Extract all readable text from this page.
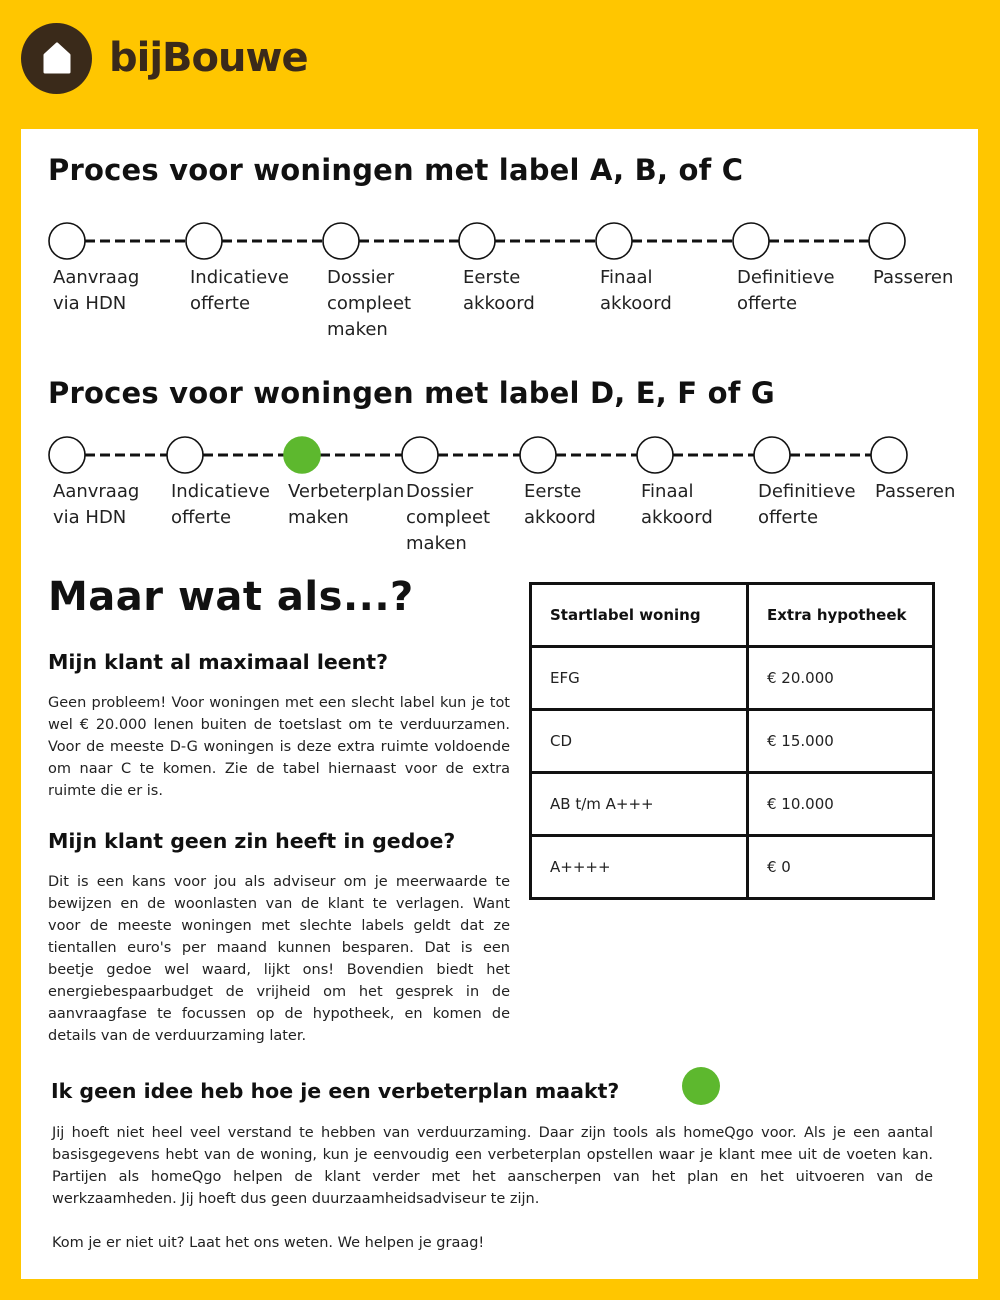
bijBouwe
Proces voor woningen met label A, B, of C
Aanvraag
via HDN
Indicatieve
offerte
Dossier
compleet
maken
Eerste
akkoord
Finaal
akkoord
Definitieve
offerte
Passeren
Proces voor woningen met label D, E, F of G
Aanvraag
via HDN
Indicatieve
offerte
Verbeterplan
maken
Dossier
compleet
maken
Eerste
akkoord
Finaal
akkoord
Definitieve
offerte
Passeren
Maar wat als...?
Mijn klant al maximaal leent?

Geen probleem! Voor woningen met een slecht label kun je tot wel € 20.000 lenen buiten de toetslast om te verduurzamen. Voor de meeste D-G woningen is deze extra ruimte voldoende om naar C te komen. Zie de tabel hiernaast voor de extra ruimte die er is.

Mijn klant geen zin heeft in gedoe?

Dit is een kans voor jou als adviseur om je meerwaarde te bewijzen en de woonlasten van de klant te verlagen. Want voor de meeste woningen met slechte labels geldt dat ze tientallen euro's per maand kunnen besparen. Dat is een beetje gedoe wel waard, lijkt ons! Bovendien biedt het energiebespaarbudget de vrijheid om het gesprek in de aanvraagfase te focussen op de hypotheek, en komen de details van de verduurzaming later.

Startlabel woning	Extra hypotheek
EFG	€ 20.000
CD	€ 15.000
AB t/m A+++	€ 10.000
A++++	€ 0
Ik geen idee heb hoe je een verbeterplan maakt?

Jij hoeft niet heel veel verstand te hebben van verduurzaming. Daar zijn tools als homeQgo voor. Als je een aantal basisgegevens hebt van de woning, kun je eenvoudig een verbeterplan opstellen waar je klant mee uit de voeten kan. Partijen als homeQgo helpen de klant verder met het aanscherpen van het plan en het uitvoeren van de werkzaamheden. Jij hoeft dus geen duurzaamheidsadviseur te zijn.

Kom je er niet uit? Laat het ons weten. We helpen je graag!
